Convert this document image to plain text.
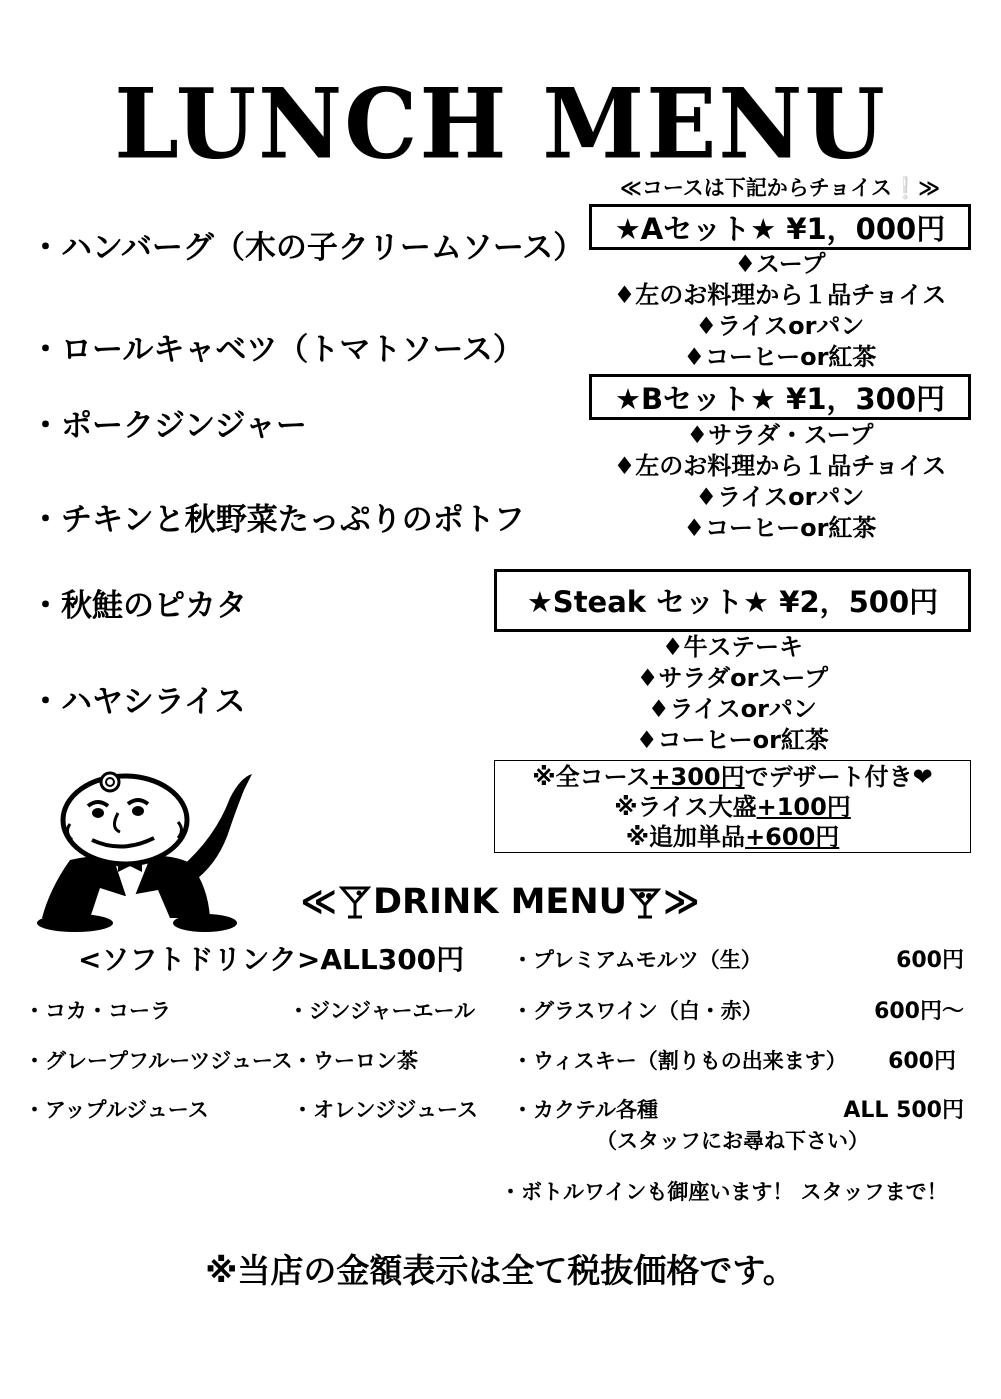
LUNCH MENU
・ハンバーグ（木の子クリームソース）
・ロールキャベツ（トマトソース）
・ポークジンジャー
・チキンと秋野菜たっぷりのポトフ
・秋鮭のピカタ
・ハヤシライス
≪コースは下記からチョイス❕≫
★Aセット★ ¥1，000円
♦スープ
♦左のお料理から１品チョイス
♦ライスorパン
♦コーヒーor紅茶
★Bセット★ ¥1，300円
♦サラダ・スープ
♦左のお料理から１品チョイス
♦ライスorパン
♦コーヒーor紅茶
★Steak セット★ ¥2，500円
♦牛ステーキ
♦サラダorスープ
♦ライスorパン
♦コーヒーor紅茶
※全コース+300円でデザート付き❤
※ライス大盛+100円
※追加単品+600円
≪ DRINK MENU ≫
<ソフトドリンク>ALL300円
・コカ・コーラ	・ジンジャーエール
・グレープフルーツジュース ・ウーロン茶
・アップルジュース	・オレンジジュース
・プレミアムモルツ（生）	600円
・グラスワイン（白・赤）	600円～
・ウィスキー（割りもの出来ます）	600円
・カクテル各種	ALL 500円
（スタッフにお尋ね下さい）
・ボトルワインも御座います！ スタッフまで！
※当店の金額表示は全て税抜価格です。
